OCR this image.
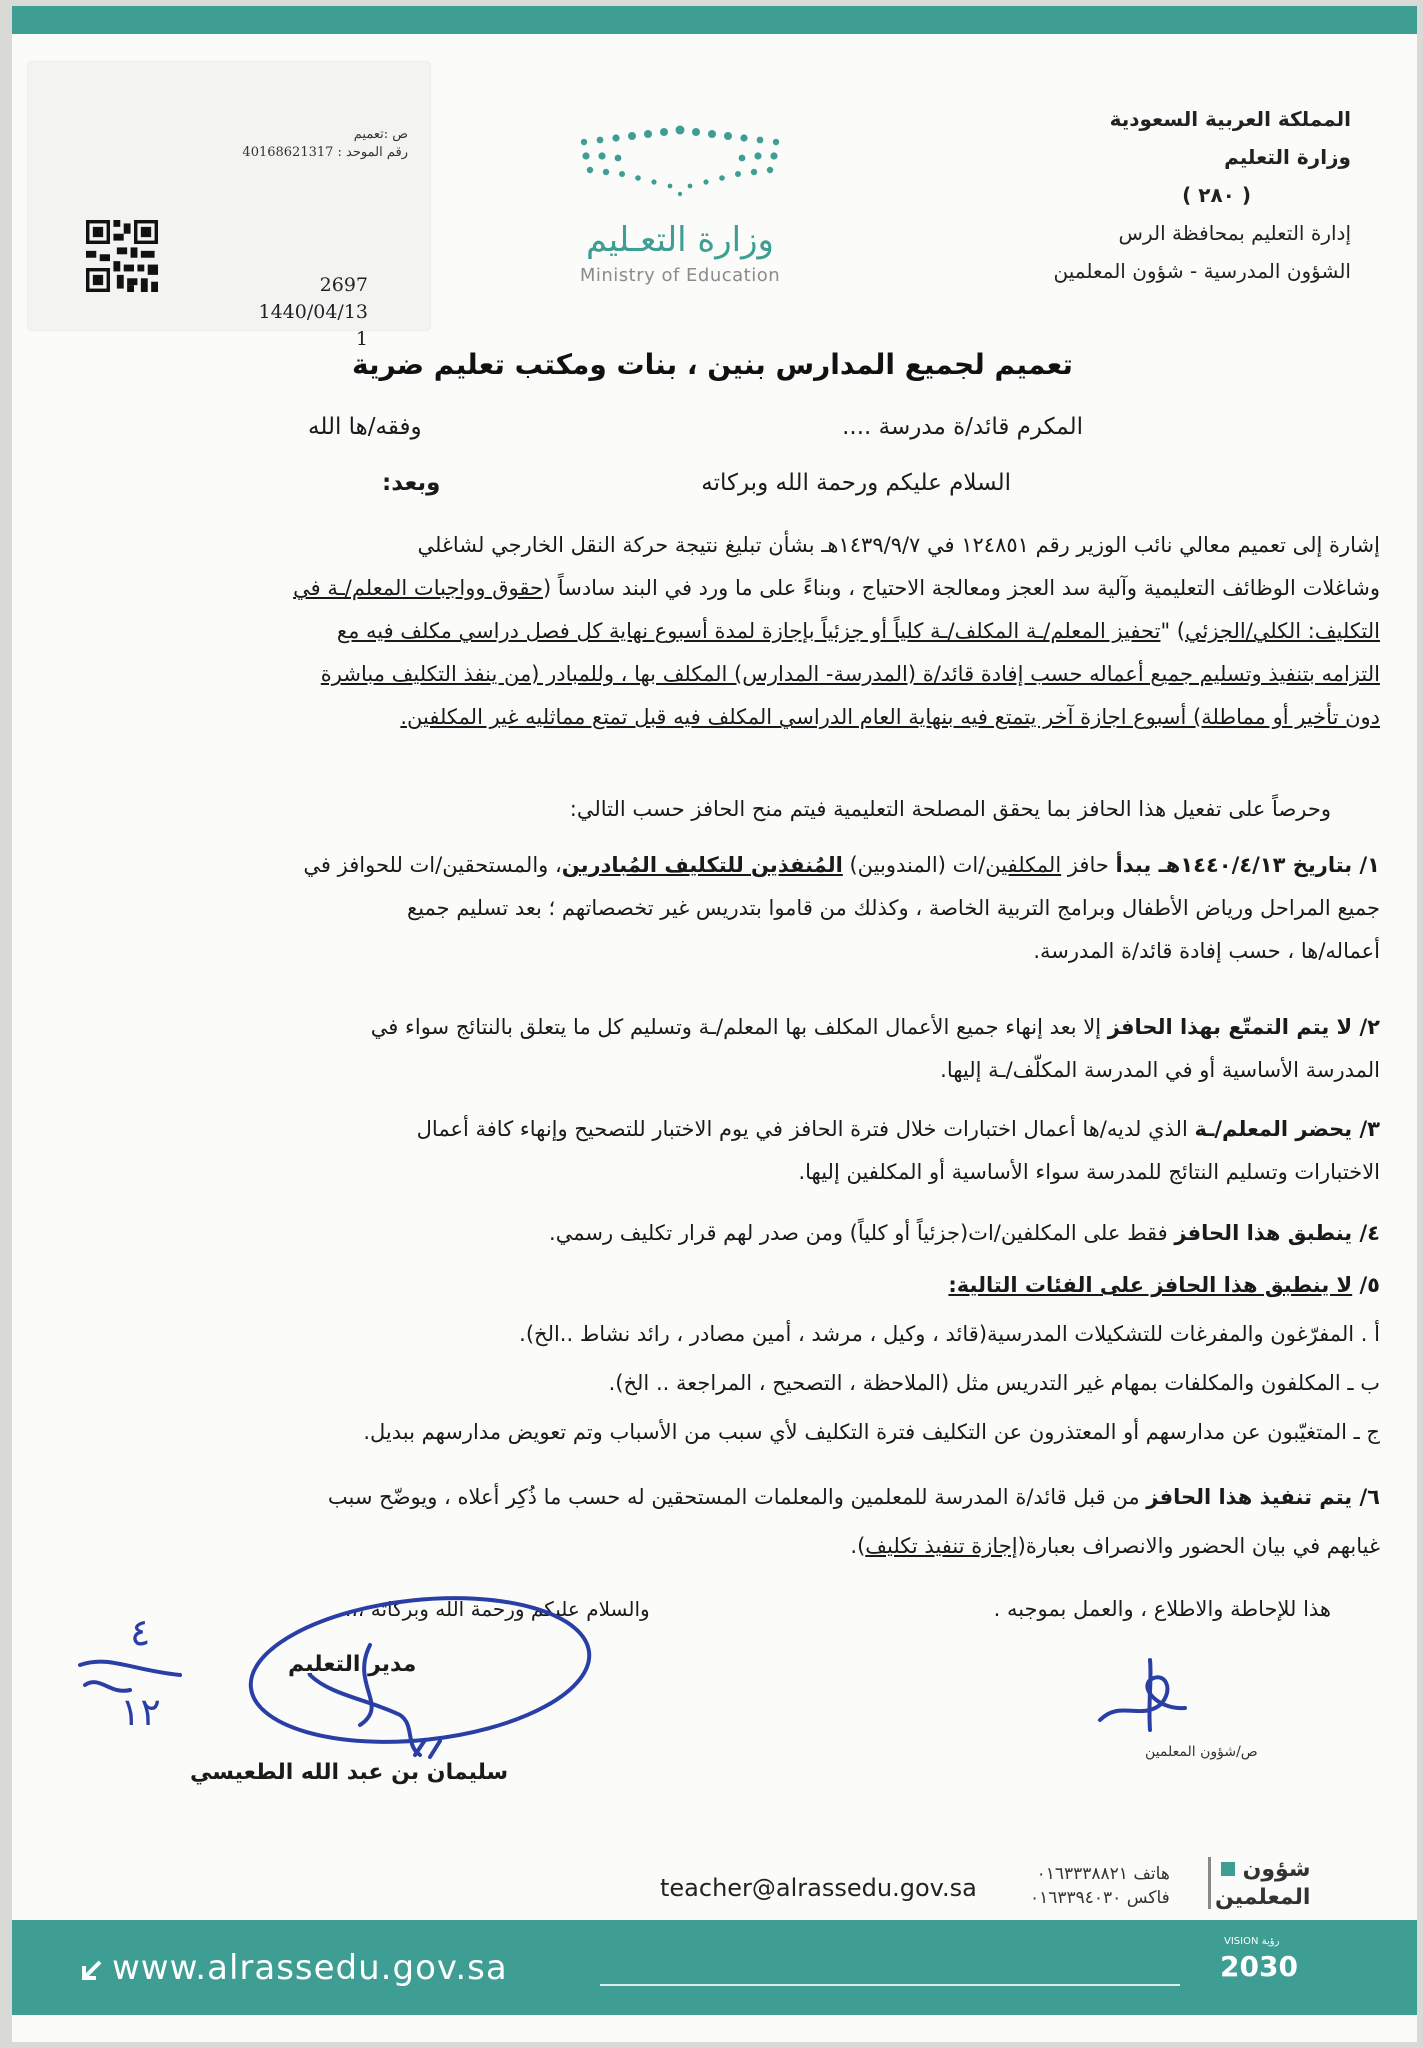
ص :تعميم
رقم الموحد : 40168621317
2697
1440/04/13
1
وزارة التعـليم
Ministry of Education
المملكة العربية السعودية
وزارة التعليم
( ٢٨٠ )
إدارة التعليم بمحافظة الرس
الشؤون المدرسية - شؤون المعلمين
تعميم لجميع المدارس بنين ، بنات ومكتب تعليم ضرية
المكرم قائد/ة مدرسة ....
وفقه/ها الله
السلام عليكم ورحمة الله وبركاته
وبعد:
إشارة إلى تعميم معالي نائب الوزير رقم ١٢٤٨٥١ في ١٤٣٩/٩/٧هـ بشأن تبليغ نتيجة حركة النقل الخارجي لشاغلي
وشاغلات الوظائف التعليمية وآلية سد العجز ومعالجة الاحتياج ، وبناءً على ما ورد في البند سادساً (حقوق وواجبات المعلم/ـة في
التكليف: الكلي/الجزئي) "تحفيز المعلم/ـة المكلف/ـة كلياً أو جزئياً بإجازة لمدة أسبوع نهاية كل فصل دراسي مكلف فيه مع
التزامه بتنفيذ وتسليم جميع أعماله حسب إفادة قائد/ة (المدرسة- المدارس) المكلف بها ، وللمبادر (من ينفذ التكليف مباشرة
دون تأخير أو مماطلة) أسبوع اجازة آخر يتمتع فيه بنهاية العام الدراسي المكلف فيه قبل تمتع مماثليه غير المكلفين.
وحرصاً على تفعيل هذا الحافز بما يحقق المصلحة التعليمية فيتم منح الحافز حسب التالي:
١/ بتاريخ ١٤٤٠/٤/١٣هـ يبدأ حافز المكلفين/ات (المندوبين) المُنفذين للتكليف المُبادرين، والمستحقين/ات للحوافز في
جميع المراحل ورياض الأطفال وبرامج التربية الخاصة ، وكذلك من قاموا بتدريس غير تخصصاتهم ؛ بعد تسليم جميع
أعماله/ها ، حسب إفادة قائد/ة المدرسة.
٢/ لا يتم التمتّع بهذا الحافز إلا بعد إنهاء جميع الأعمال المكلف بها المعلم/ـة وتسليم كل ما يتعلق بالنتائج سواء في
المدرسة الأساسية أو في المدرسة المكلّف/ـة إليها.
٣/ يحضر المعلم/ـة الذي لديه/ها أعمال اختبارات خلال فترة الحافز في يوم الاختبار للتصحيح وإنهاء كافة أعمال
الاختبارات وتسليم النتائج للمدرسة سواء الأساسية أو المكلفين إليها.
٤/ ينطبق هذا الحافز فقط على المكلفين/ات(جزئياً أو كلياً) ومن صدر لهم قرار تكليف رسمي.
٥/ لا ينطبق هذا الحافز على الفئات التالية:
أ . المفرّغون والمفرغات للتشكيلات المدرسية(قائد ، وكيل ، مرشد ، أمين مصادر ، رائد نشاط ..الخ).
ب ـ المكلفون والمكلفات بمهام غير التدريس مثل (الملاحظة ، التصحيح ، المراجعة .. الخ).
ج ـ المتغيّبون عن مدارسهم أو المعتذرون عن التكليف فترة التكليف لأي سبب من الأسباب وتم تعويض مدارسهم ببديل.
٦/ يتم تنفيذ هذا الحافز من قبل قائد/ة المدرسة للمعلمين والمعلمات المستحقين له حسب ما ذُكِر أعلاه ، ويوضّح سبب
غيابهم في بيان الحضور والانصراف بعبارة(إجازة تنفيذ تكليف).
هذا للإحاطة والاطلاع ، والعمل بموجبه .
والسلام عليكم ورحمة الله وبركاته ،،،
مدير التعليم
سليمان بن عبد الله الطعيسي
٤
١٢
ص/شؤون المعلمين
teacher@alrassedu.gov.sa	هاتف ٠١٦٣٣٣٨٨٢١
فاكس ٠١٦٣٣٩٤٠٣٠
شؤون
المعلمين
www.alrassedu.gov.sa
VISION رؤية
2030
